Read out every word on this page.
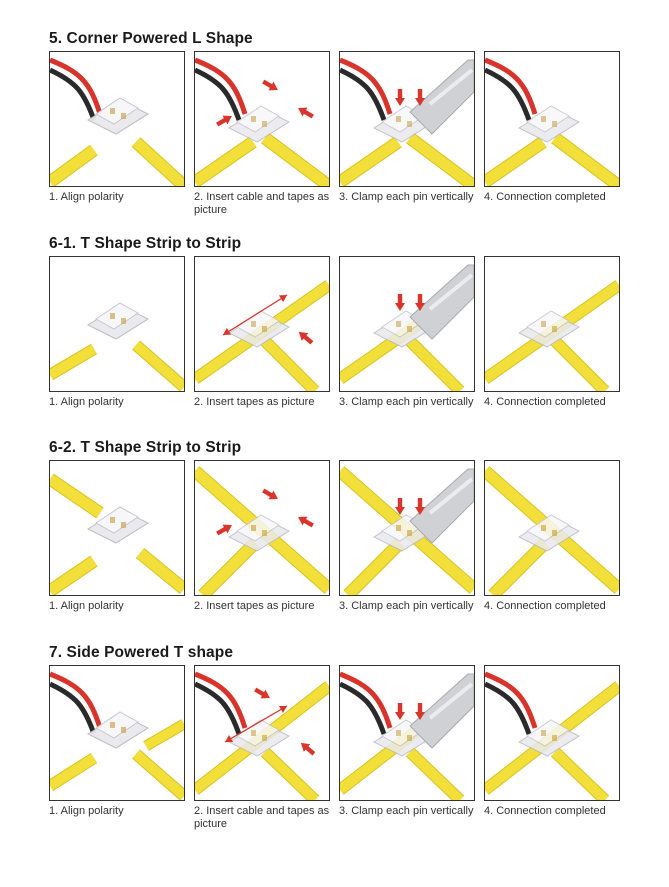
5. Corner Powered L Shape
1. Align polarity	2. Insert cable and tapes as picture
3. Clamp each pin vertically 4. Connection completed
6-1. T Shape Strip to Strip
1. Align polarity	2. Insert tapes as picture	3. Clamp each pin vertically 4. Connection completed
6-2. T Shape Strip to Strip
1. Align polarity	2. Insert tapes as picture	3. Clamp each pin vertically 4. Connection completed
7. Side Powered T shape
1. Align polarity	2. Insert cable and tapes as picture
3. Clamp each pin vertically 4. Connection completed
